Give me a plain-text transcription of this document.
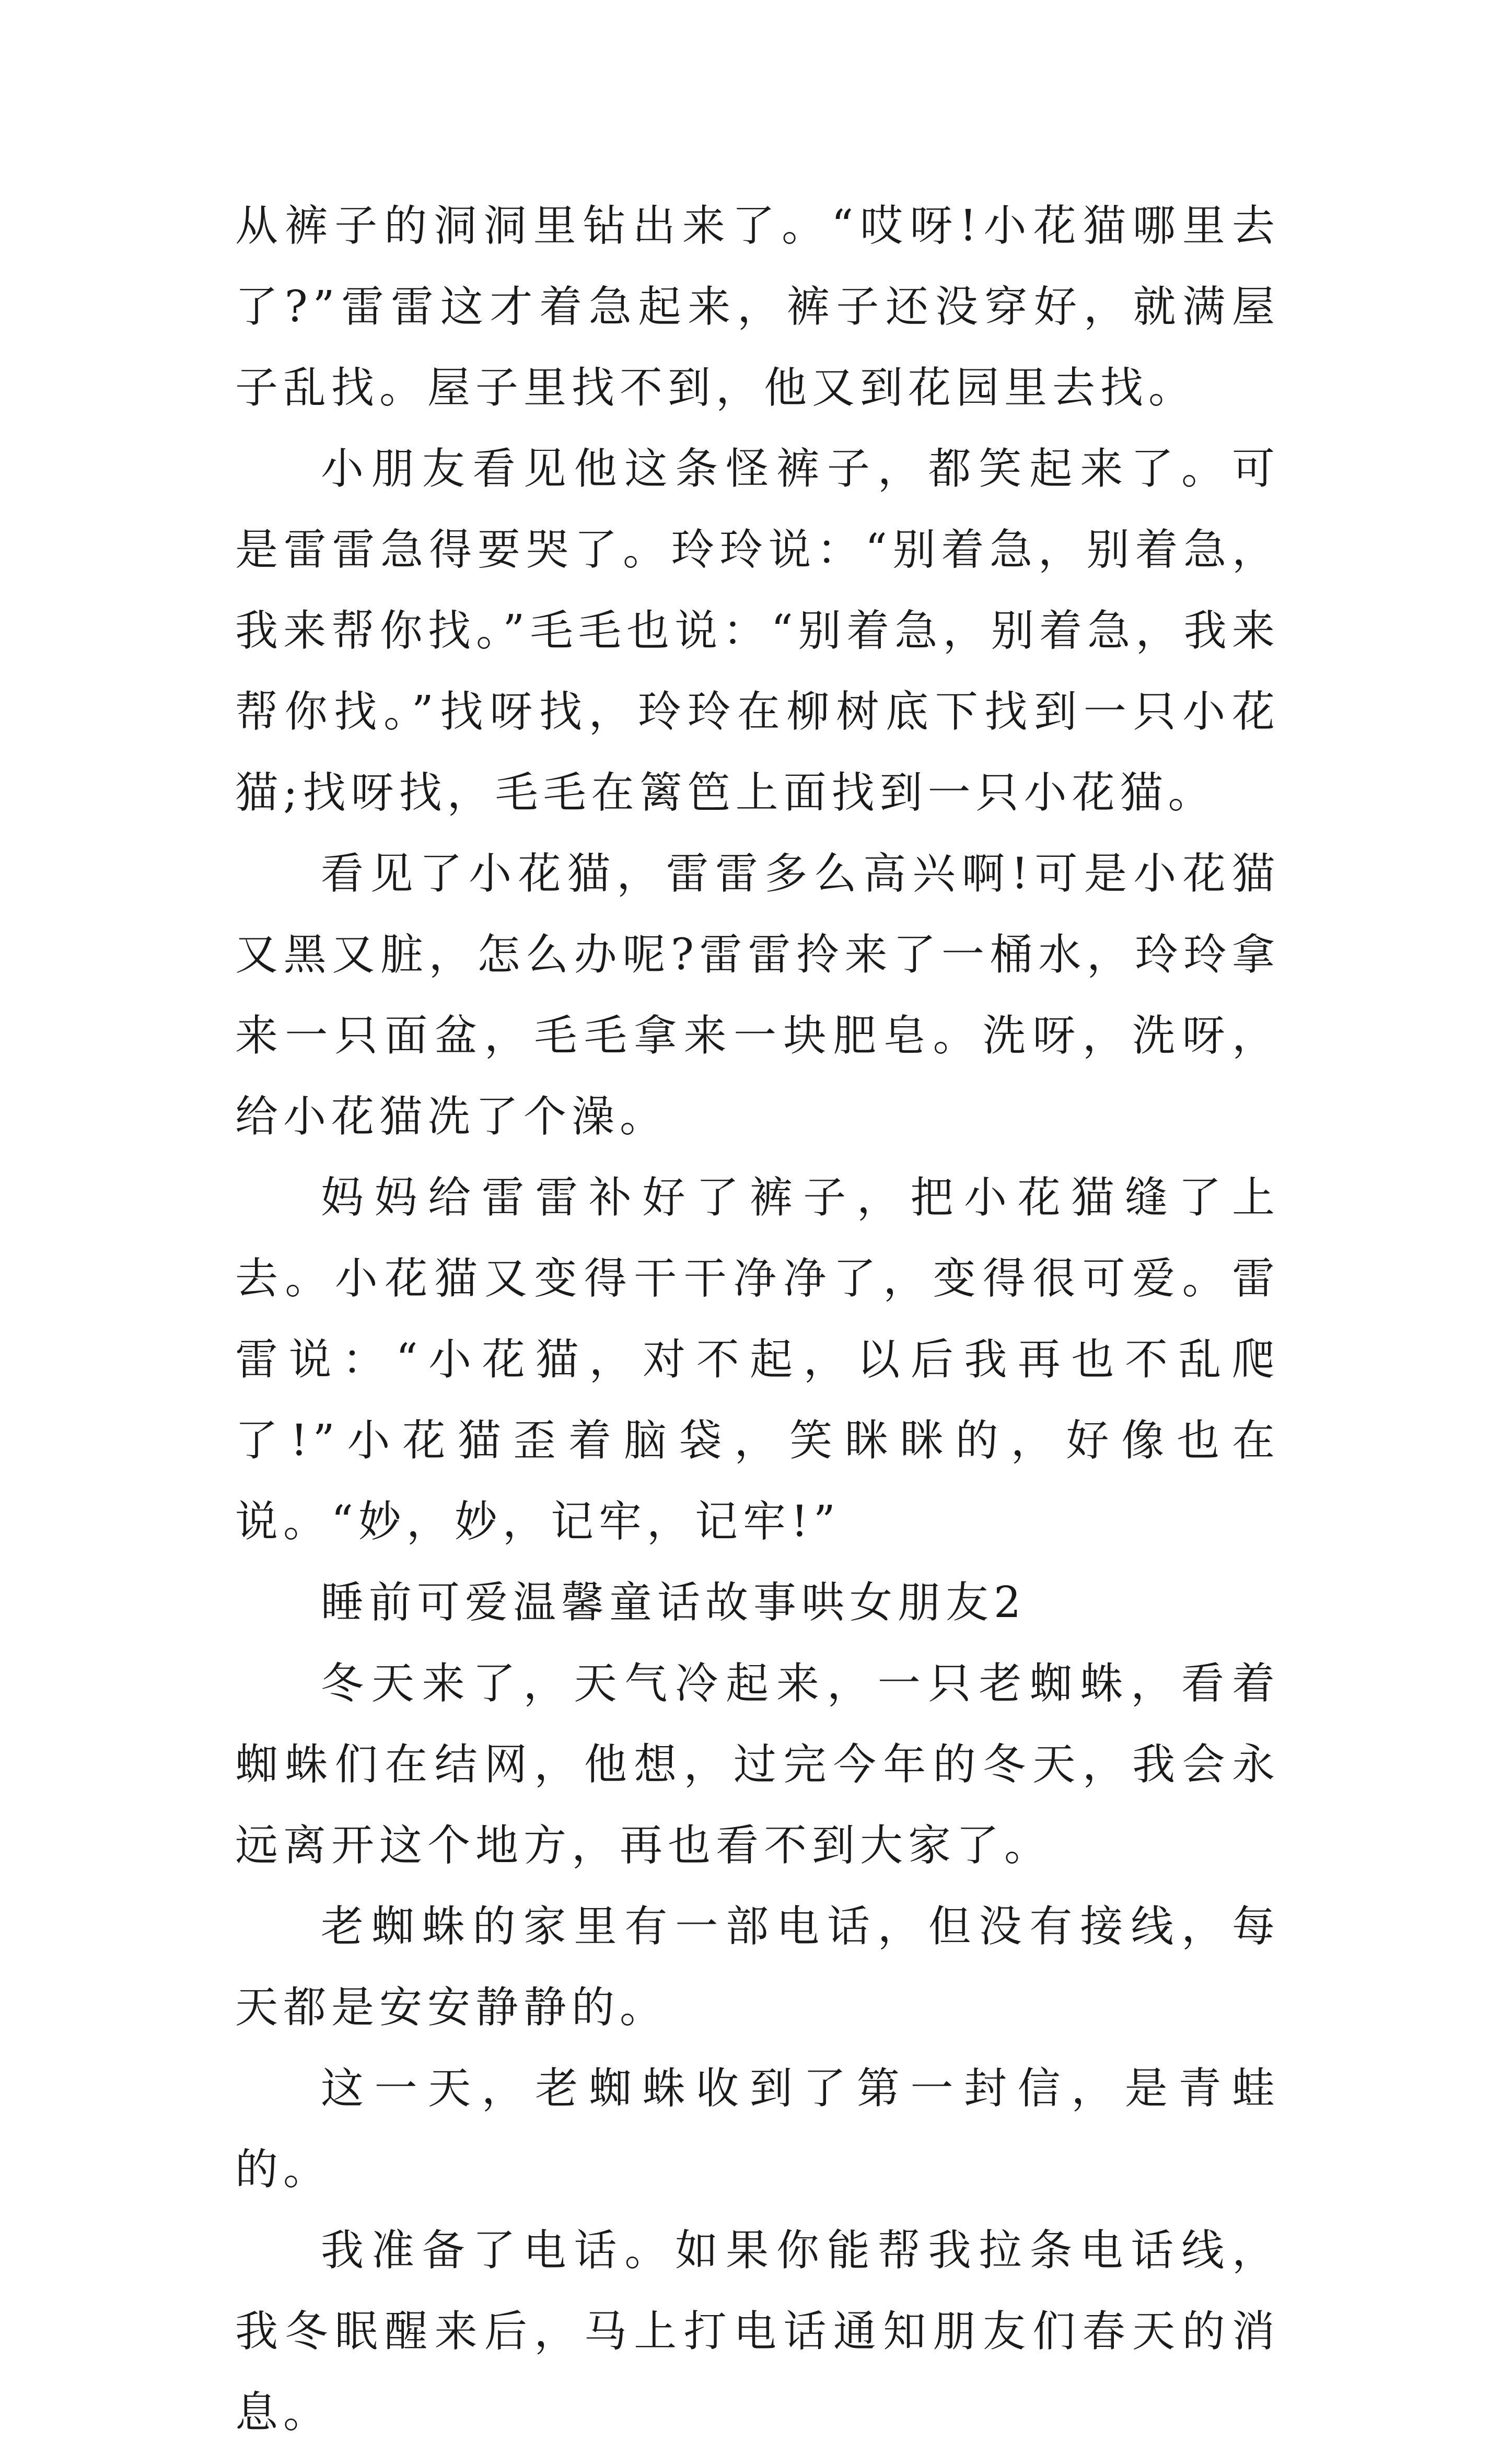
从裤子的洞洞里钻出来了。“哎呀!小花猫哪里去了?”雷雷这才着急起来，裤子还没穿好，就满屋子乱找。屋子里找不到，他又到花园里去找。

小朋友看见他这条怪裤子，都笑起来了。可是雷雷急得要哭了。玲玲说：“别着急，别着急，我来帮你找。”毛毛也说：“别着急，别着急，我来帮你找。”找呀找，玲玲在柳树底下找到一只小花猫;找呀找，毛毛在篱笆上面找到一只小花猫。

看见了小花猫，雷雷多么高兴啊!可是小花猫又黑又脏，怎么办呢?雷雷拎来了一桶水，玲玲拿来一只面盆，毛毛拿来一块肥皂。洗呀，洗呀，给小花猫冼了个澡。

妈妈给雷雷补好了裤子，把小花猫缝了上去。小花猫又变得干干净净了，变得很可爱。雷雷说：“小花猫，对不起，以后我再也不乱爬了!”小花猫歪着脑袋，笑眯眯的，好像也在说。“妙，妙，记牢，记牢!”

睡前可爱温馨童话故事哄女朋友2

冬天来了，天气冷起来，一只老蜘蛛，看着蜘蛛们在结网，他想，过完今年的冬天，我会永远离开这个地方，再也看不到大家了。

老蜘蛛的家里有一部电话，但没有接线，每天都是安安静静的。

这一天，老蜘蛛收到了第一封信，是青蛙的。

我准备了电话。如果你能帮我拉条电话线，我冬眠醒来后，马上打电话通知朋友们春天的消息。
